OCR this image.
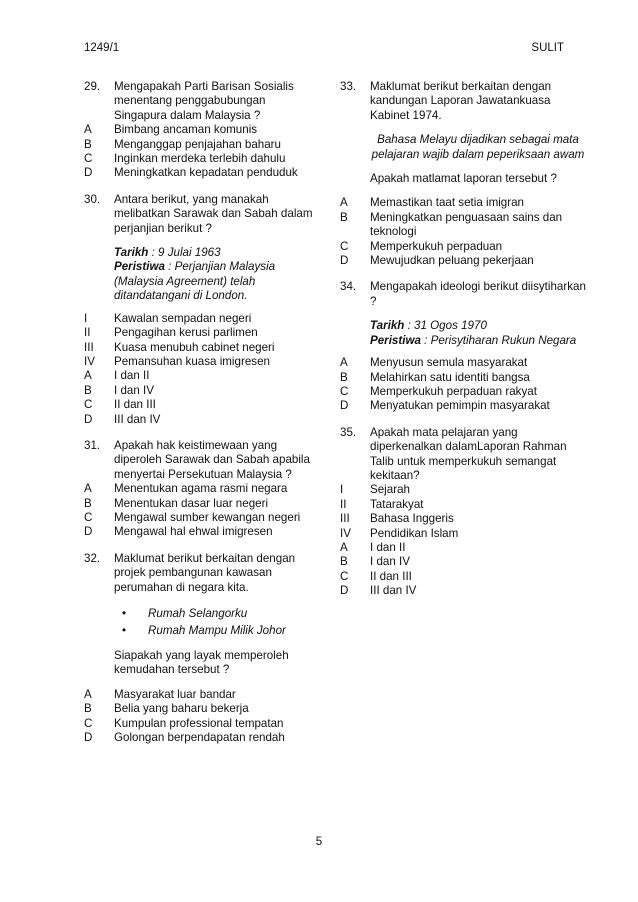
1249/1	SULIT
29.	Mengapakah Parti Barisan Sosialis menentang penggabubungan Singapura dalam Malaysia ?
A	Bimbang ancaman komunis
B	Menganggap penjajahan baharu
C	Inginkan merdeka terlebih dahulu
D	Meningkatkan kepadatan penduduk
30.	Antara berikut, yang manakah melibatkan Sarawak dan Sabah dalam perjanjian berikut ?
Tarikh : 9 Julai 1963
Peristiwa : Perjanjian Malaysia (Malaysia Agreement) telah ditandatangani di London.
I	Kawalan sempadan negeri
II	Pengagihan kerusi parlimen
III	Kuasa menubuh cabinet negeri
IV	Pemansuhan kuasa imigresen
A	I dan II
B	I dan IV
C	II dan III
D	III dan IV
31.	Apakah hak keistimewaan yang diperoleh Sarawak dan Sabah apabila menyertai Persekutuan Malaysia ?
A	Menentukan agama rasmi negara
B	Menentukan dasar luar negeri
C	Mengawal sumber kewangan negeri
D	Mengawal hal ehwal imigresen
32.	Maklumat berikut berkaitan dengan projek pembangunan kawasan perumahan di negara kita.
•	Rumah Selangorku
•	Rumah Mampu Milik Johor
Siapakah yang layak memperoleh kemudahan tersebut ?
A	Masyarakat luar bandar
B	Belia yang baharu bekerja
C	Kumpulan professional tempatan
D	Golongan berpendapatan rendah
33.	Maklumat berikut berkaitan dengan kandungan Laporan Jawatankuasa Kabinet 1974.
Bahasa Melayu dijadikan sebagai mata pelajaran wajib dalam peperiksaan awam
Apakah matlamat laporan tersebut ?
A	Memastikan taat setia imigran
B	Meningkatkan penguasaan sains dan teknologi
C	Memperkukuh perpaduan
D	Mewujudkan peluang pekerjaan
34.	Mengapakah ideologi berikut diisytiharkan ?
Tarikh : 31 Ogos 1970
Peristiwa : Perisytiharan Rukun Negara
A	Menyusun semula masyarakat
B	Melahirkan satu identiti bangsa
C	Memperkukuh perpaduan rakyat
D	Menyatukan pemimpin masyarakat
35.	Apakah mata pelajaran yang diperkenalkan dalamLaporan Rahman Talib untuk memperkukuh semangat kekitaan?
I	Sejarah
II	Tatarakyat
III	Bahasa Inggeris
IV	Pendidikan Islam
A	I dan II
B	I dan IV
C	II dan III
D	III dan IV
5
